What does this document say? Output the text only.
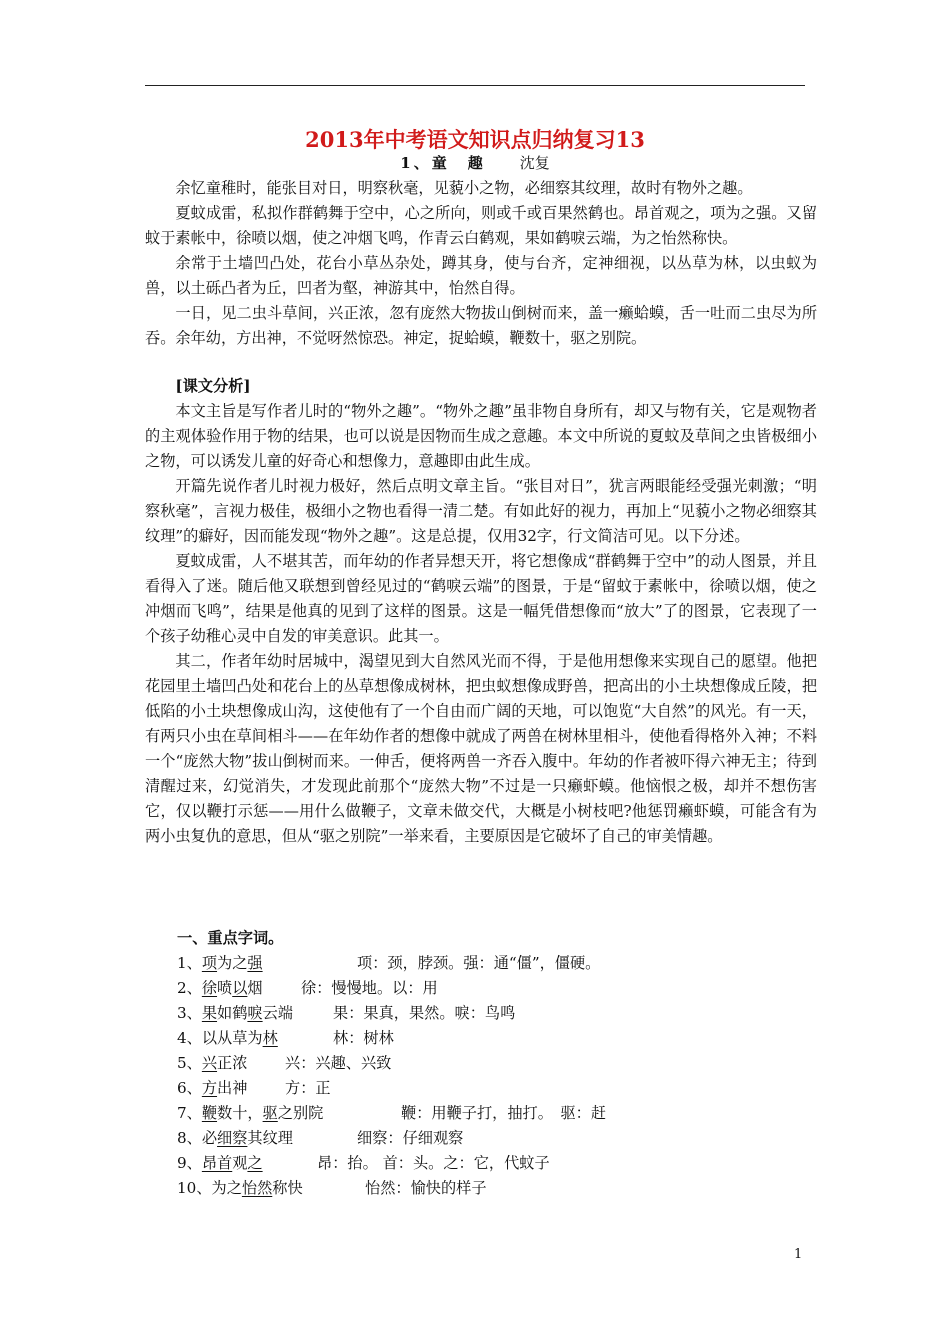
2013年中考语文知识点归纳复习13
1、童　趣 沈复

余忆童稚时，能张目对日，明察秋毫，见藐小之物，必细察其纹理，故时有物外之趣。

夏蚊成雷，私拟作群鹤舞于空中，心之所向，则或千或百果然鹤也。昂首观之，项为之强。又留蚊于素帐中，徐喷以烟，使之冲烟飞鸣，作青云白鹤观，果如鹤唳云端，为之怡然称快。

余常于土墙凹凸处，花台小草丛杂处，蹲其身，使与台齐，定神细视，以丛草为林，以虫蚁为兽，以土砾凸者为丘，凹者为壑，神游其中，怡然自得。

一日，见二虫斗草间，兴正浓，忽有庞然大物拔山倒树而来，盖一癞蛤蟆，舌一吐而二虫尽为所吞。余年幼，方出神，不觉呀然惊恐。神定，捉蛤蟆，鞭数十，驱之别院。

[课文分析]

本文主旨是写作者儿时的“物外之趣”。“物外之趣”虽非物自身所有，却又与物有关，它是观物者的主观体验作用于物的结果，也可以说是因物而生成之意趣。本文中所说的夏蚊及草间之虫皆极细小之物，可以诱发儿童的好奇心和想像力，意趣即由此生成。

开篇先说作者儿时视力极好，然后点明文章主旨。“张目对日”，犹言两眼能经受强光刺激；“明察秋毫”，言视力极佳，极细小之物也看得一清二楚。有如此好的视力，再加上“见藐小之物必细察其纹理”的癖好，因而能发现“物外之趣”。这是总提，仅用32字，行文简洁可见。以下分述。

夏蚊成雷，人不堪其苦，而年幼的作者异想天开，将它想像成“群鹤舞于空中”的动人图景，并且看得入了迷。随后他又联想到曾经见过的“鹤唳云端”的图景，于是“留蚊于素帐中，徐喷以烟，使之冲烟而飞鸣”，结果是他真的见到了这样的图景。这是一幅凭借想像而“放大”了的图景，它表现了一个孩子幼稚心灵中自发的审美意识。此其一。

其二，作者年幼时居城中，渴望见到大自然风光而不得，于是他用想像来实现自己的愿望。他把花园里土墙凹凸处和花台上的丛草想像成树林，把虫蚁想像成野兽，把高出的小土块想像成丘陵，把低陷的小土块想像成山沟，这使他有了一个自由而广阔的天地，可以饱览“大自然”的风光。有一天，有两只小虫在草间相斗——在年幼作者的想像中就成了两兽在树林里相斗，使他看得格外入神；不料一个“庞然大物”拔山倒树而来。一伸舌，便将两兽一齐吞入腹中。年幼的作者被吓得六神无主；待到清醒过来，幻觉消失，才发现此前那个“庞然大物”不过是一只癞虾蟆。他恼恨之极，却并不想伤害它，仅以鞭打示惩——用什么做鞭子，文章未做交代，大概是小树枝吧?他惩罚癞虾蟆，可能含有为两小虫复仇的意思，但从“驱之别院”一举来看，主要原因是它破坏了自己的审美情趣。

一、重点字词。
1、项为之强	项：颈，脖颈。强：通“僵”，僵硬。
2、徐喷以烟	徐：慢慢地。以：用
3、果如鹤唳云端	果：果真，果然。唳：鸟鸣
4、以从草为林	林：树林
5、兴正浓 兴：兴趣、兴致
6、方出神 方：正
7、鞭数十，驱之别院	鞭：用鞭子打，抽打。　驱：赶
8、必细察其纹理	细察：仔细观察
9、昂首观之	昂：抬。 首：头。之：它，代蚊子
10、为之怡然称快	怡然：愉快的样子
1
